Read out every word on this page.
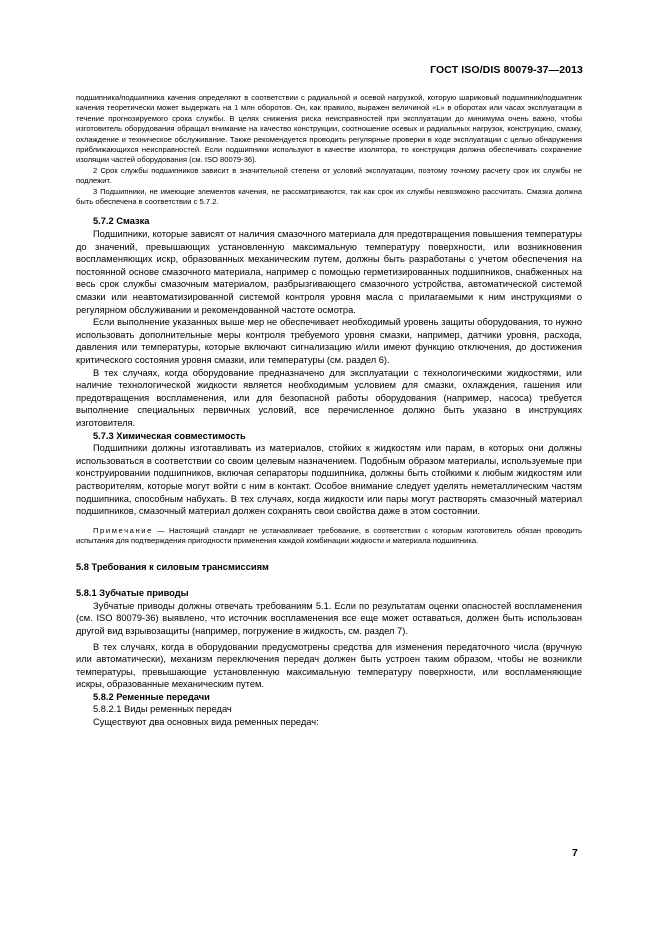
ГОСТ ISO/DIS 80079-37—2013

подшипника/подшипника качения определяют в соответствии с радиальной и осевой нагрузкой, которую шариковый подшипник/подшипник качения теоретически может выдержать на 1 млн оборотов. Он, как правило, выражен величиной «L» в оборотах или часах эксплуатации в течение прогнозируемого срока службы. В целях снижения риска неисправностей при эксплуатации до минимума очень важно, чтобы изготовитель оборудования обращал внимание на качество конструкции, соотношение осевых и радиальных нагрузок, конструкцию, смазку, охлаждение и техническое обслуживание. Также рекомендуется проводить регулярные проверки в ходе эксплуатации с целью обнаружения приближающихся неисправностей. Если подшипники используют в качестве изолятора, то конструкция должна обеспечивать сохранение изоляции частей оборудования (см. ISO 80079-36).

2 Срок службы подшипников зависит в значительной степени от условий эксплуатации, поэтому точному расчету срок их службы не подлежит.

3 Подшипники, не имеющие элементов качения, не рассматриваются, так как срок их службы невозможно рассчитать. Смазка должна быть обеспечена в соответствии с 5.7.2.

5.7.2 Смазка

Подшипники, которые зависят от наличия смазочного материала для предотвращения повышения температуры до значений, превышающих установленную максимальную температуру поверхности, или возникновения воспламеняющих искр, образованных механическим путем, должны быть разработаны с учетом обеспечения на постоянной основе смазочного материала, например с помощью герметизированных подшипников, снабженных на весь срок службы смазочным материалом, разбрызгивающего смазочного устройства, автоматической системой смазки или неавтоматизированной системой контроля уровня масла с прилагаемыми к ним инструкциями о регулярном обслуживании и рекомендованной частоте осмотра.

Если выполнение указанных выше мер не обеспечивает необходимый уровень защиты оборудования, то нужно использовать дополнительные меры контроля требуемого уровня смазки, например, датчики уровня, расхода, давления или температуры, которые включают сигнализацию и/или имеют функцию отключения, до достижения критического состояния уровня смазки, или температуры (см. раздел 6).

В тех случаях, когда оборудование предназначено для эксплуатации с технологическими жидкостями, или наличие технологической жидкости является необходимым условием для смазки, охлаждения, гашения или предотвращения воспламенения, или для безопасной работы оборудования (например, насоса) требуется выполнение специальных первичных условий, все перечисленное должно быть указано в инструкциях изготовителя.

5.7.3 Химическая совместимость

Подшипники должны изготавливать из материалов, стойких к жидкостям или парам, в которых они должны использоваться в соответствии со своим целевым назначением. Подобным образом материалы, используемые при конструировании подшипников, включая сепараторы подшипника, должны быть стойкими к любым жидкостям или растворителям, которые могут войти с ним в контакт. Особое внимание следует уделять неметаллическим частям подшипника, способным набухать. В тех случаях, когда жидкости или пары могут растворять смазочный материал подшипников, смазочный материал должен сохранять свои свойства даже в этом состоянии.

Примечание — Настоящий стандарт не устанавливает требование, в соответствии с которым изготовитель обязан проводить испытания для подтверждения пригодности применения каждой комбинации жидкости и материала подшипника.

5.8 Требования к силовым трансмиссиям

5.8.1 Зубчатые приводы

Зубчатые приводы должны отвечать требованиям 5.1. Если по результатам оценки опасностей воспламенения (см. ISO 80079-36) выявлено, что источник воспламенения все еще может оставаться, должен быть использован другой вид взрывозащиты (например, погружение в жидкость, см. раздел 7).

В тех случаях, когда в оборудовании предусмотрены средства для изменения передаточного числа (вручную или автоматически), механизм переключения передач должен быть устроен таким образом, чтобы не возникли температуры, превышающие установленную максимальную температуру поверхности, или воспламеняющие искры, образованные механическим путем.

5.8.2 Ременные передачи

5.8.2.1 Виды ременных передач

Существуют два основных вида ременных передач:

7
